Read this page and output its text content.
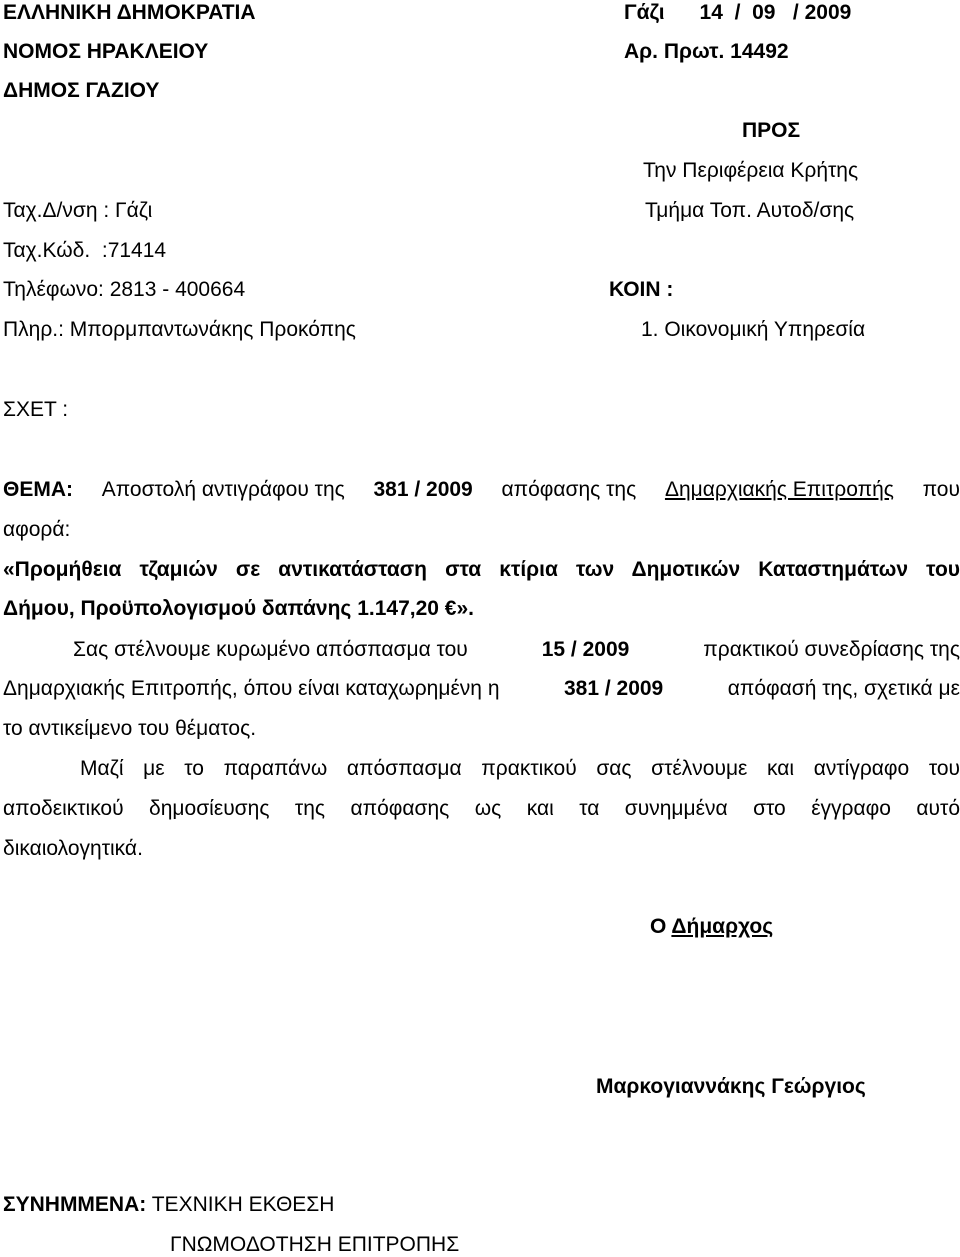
ΕΛΛΗΝΙΚΗ ΔΗΜΟΚΡΑΤΙΑ
ΝΟΜΟΣ ΗΡΑΚΛΕΙΟΥ
ΔΗΜΟΣ ΓΑΖΙΟΥ
Γάζι      14  /  09   / 2009
Αρ. Πρωτ. 14492
ΠΡΟΣ
Την Περιφέρεια Κρήτης
Τμήμα Τοπ. Αυτοδ/σης
ΚΟΙΝ :
1. Οικονομική Υπηρεσία
Ταχ.Δ/νση : Γάζι
Ταχ.Κώδ.  :71414
Τηλέφωνο: 2813 - 400664
Πληρ.: Μπορμπαντωνάκης Προκόπης
ΣΧΕΤ :
ΘΕΜΑ: Αποστολή αντιγράφου της 381 / 2009 απόφασης της Δημαρχιακής Επιτροπής που
αφορά:
«Προμήθεια τζαμιών σε αντικατάσταση στα κτίρια των Δημοτικών Καταστημάτων του
Δήμου, Προϋπολογισμού δαπάνης 1.147,20 €».
Σας στέλνουμε κυρωμένο απόσπασμα του	15 / 2009	πρακτικού συνεδρίασης της
Δημαρχιακής Επιτροπής, όπου είναι καταχωρημένη η	381 / 2009	απόφασή της, σχετικά με
το αντικείμενο του θέματος.
Μαζί με το παραπάνω απόσπασμα πρακτικού σας στέλνουμε και αντίγραφο του
αποδεικτικού δημοσίευσης της απόφασης ως και τα συνημμένα στο έγγραφο αυτό
δικαιολογητικά.
Ο Δήμαρχος
Μαρκογιαννάκης Γεώργιος
ΣΥΝΗΜΜΕΝΑ: ΤΕΧΝΙΚΗ ΕΚΘΕΣΗ
ΓΝΩΜΟΔΟΤΗΣΗ ΕΠΙΤΡΟΠΗΣ
